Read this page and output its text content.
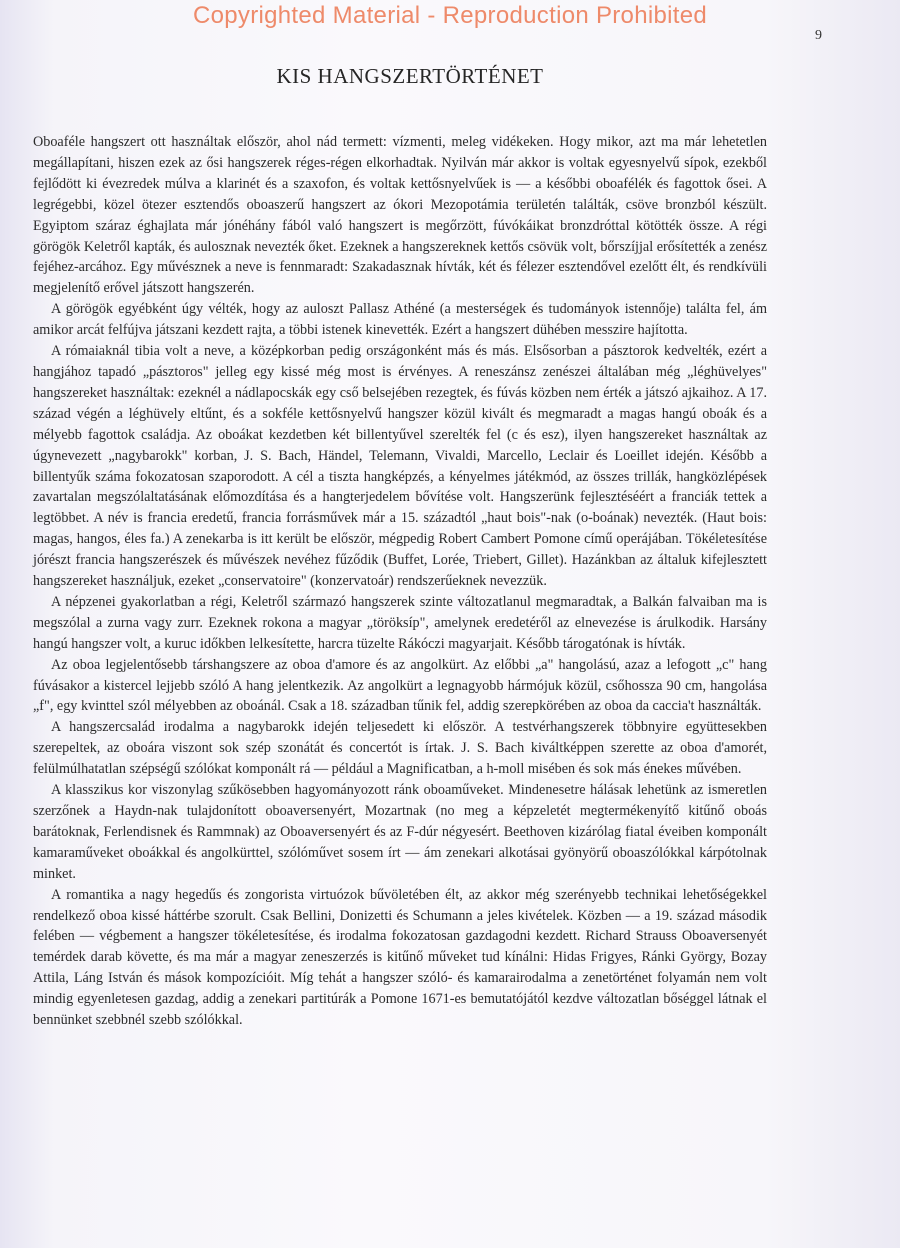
Copyrighted Material - Reproduction Prohibited
9
KIS HANGSZERTÖRTÉNET

Oboaféle hangszert ott használtak először, ahol nád termett: vízmenti, meleg vidékeken. Hogy mikor, azt ma már lehetetlen megállapítani, hiszen ezek az ősi hangszerek réges-régen elkorhadtak. Nyilván már akkor is voltak egyesnyelvű sípok, ezekből fejlődött ki évezredek múlva a klarinét és a szaxofon, és voltak kettősnyelvűek is — a későbbi oboafélék és fagottok ősei. A legrégebbi, közel ötezer esztendős oboaszerű hangszert az ókori Mezopotámia területén találták, csöve bronzból készült. Egyiptom száraz éghajlata már jónéhány fából való hangszert is megőrzött, fúvókáikat bronzdróttal kötötték össze. A régi görögök Keletről kapták, és aulosznak nevezték őket. Ezeknek a hangszereknek kettős csövük volt, bőrszíjjal erősítették a zenész fejéhez-arcához. Egy művésznek a neve is fennmaradt: Szakadasznak hívták, két és félezer esztendővel ezelőtt élt, és rendkívüli megjelenítő erővel játszott hangszerén.

A görögök egyébként úgy vélték, hogy az auloszt Pallasz Athéné (a mesterségek és tudományok istennője) találta fel, ám amikor arcát felfújva játszani kezdett rajta, a többi istenek kinevették. Ezért a hangszert dühében messzire hajította.

A rómaiaknál tibia volt a neve, a középkorban pedig országonként más és más. Elsősorban a pásztorok kedvelték, ezért a hangjához tapadó „pásztoros" jelleg egy kissé még most is érvényes. A reneszánsz zenészei általában még „léghüvelyes" hangszereket használtak: ezeknél a nádlapocskák egy cső belsejében rezegtek, és fúvás közben nem érték a játszó ajkaihoz. A 17. század végén a léghüvely eltűnt, és a sokféle kettősnyelvű hangszer közül kivált és megmaradt a magas hangú oboák és a mélyebb fagottok családja. Az oboákat kezdetben két billentyűvel szerelték fel (c és esz), ilyen hangszereket használtak az úgynevezett „nagybarokk" korban, J. S. Bach, Händel, Telemann, Vivaldi, Marcello, Leclair és Loeillet idején. Később a billentyűk száma fokozatosan szaporodott. A cél a tiszta hangképzés, a kényelmes játékmód, az összes trillák, hangközlépések zavartalan megszólaltatásának előmozdítása és a hangterjedelem bővítése volt. Hangszerünk fejlesztéséért a franciák tettek a legtöbbet. A név is francia eredetű, francia forrásművek már a 15. századtól „haut bois"-nak (o-boának) nevezték. (Haut bois: magas, hangos, éles fa.) A zenekarba is itt került be először, mégpedig Robert Cambert Pomone című operájában. Tökéletesítése jórészt francia hangszerészek és művészek nevéhez fűződik (Buffet, Lorée, Triebert, Gillet). Hazánkban az általuk kifejlesztett hangszereket használjuk, ezeket „conservatoire" (konzervatoár) rendszerűeknek nevezzük.

A népzenei gyakorlatban a régi, Keletről származó hangszerek szinte változatlanul megmaradtak, a Balkán falvaiban ma is megszólal a zurna vagy zurr. Ezeknek rokona a magyar „töröksíp", amelynek eredetéről az elnevezése is árulkodik. Harsány hangú hangszer volt, a kuruc időkben lelkesítette, harcra tüzelte Rákóczi magyarjait. Később tárogatónak is hívták.

Az oboa legjelentősebb társhangszere az oboa d'amore és az angolkürt. Az előbbi „a" hangolású, azaz a lefogott „c" hang fúvásakor a kistercel lejjebb szóló A hang jelentkezik. Az angolkürt a legnagyobb hármójuk közül, csőhossza 90 cm, hangolása „f", egy kvinttel szól mélyebben az oboánál. Csak a 18. században tűnik fel, addig szerepkörében az oboa da caccia't használták.

A hangszercsalád irodalma a nagybarokk idején teljesedett ki először. A testvérhangszerek többnyire együttesekben szerepeltek, az oboára viszont sok szép szonátát és concertót is írtak. J. S. Bach kiváltképpen szerette az oboa d'amorét, felülmúlhatatlan szépségű szólókat komponált rá — például a Magnificatban, a h-moll misében és sok más énekes művében.

A klasszikus kor viszonylag szűkösebben hagyományozott ránk oboaműveket. Mindenesetre hálásak lehetünk az ismeretlen szerzőnek a Haydn-nak tulajdonított oboaversenyért, Mozartnak (no meg a képzeletét megtermékenyítő kitűnő oboás barátoknak, Ferlendisnek és Rammnak) az Oboaversenyért és az F-dúr négyesért. Beethoven kizárólag fiatal éveiben komponált kamaraműveket oboákkal és angolkürttel, szólóművet sosem írt — ám zenekari alkotásai gyönyörű oboaszólókkal kárpótolnak minket.

A romantika a nagy hegedűs és zongorista virtuózok bűvöletében élt, az akkor még szerényebb technikai lehetőségekkel rendelkező oboa kissé háttérbe szorult. Csak Bellini, Donizetti és Schumann a jeles kivételek. Közben — a 19. század második felében — végbement a hangszer tökéletesítése, és irodalma fokozatosan gazdagodni kezdett. Richard Strauss Oboaversenyét temérdek darab követte, és ma már a magyar zeneszerzés is kitűnő műveket tud kínálni: Hidas Frigyes, Ránki György, Bozay Attila, Láng István és mások kompozícióit. Míg tehát a hangszer szóló- és kamarairodalma a zenetörténet folyamán nem volt mindig egyenletesen gazdag, addig a zenekari partitúrák a Pomone 1671-es bemutatójától kezdve változatlan bőséggel látnak el bennünket szebbnél szebb szólókkal.
